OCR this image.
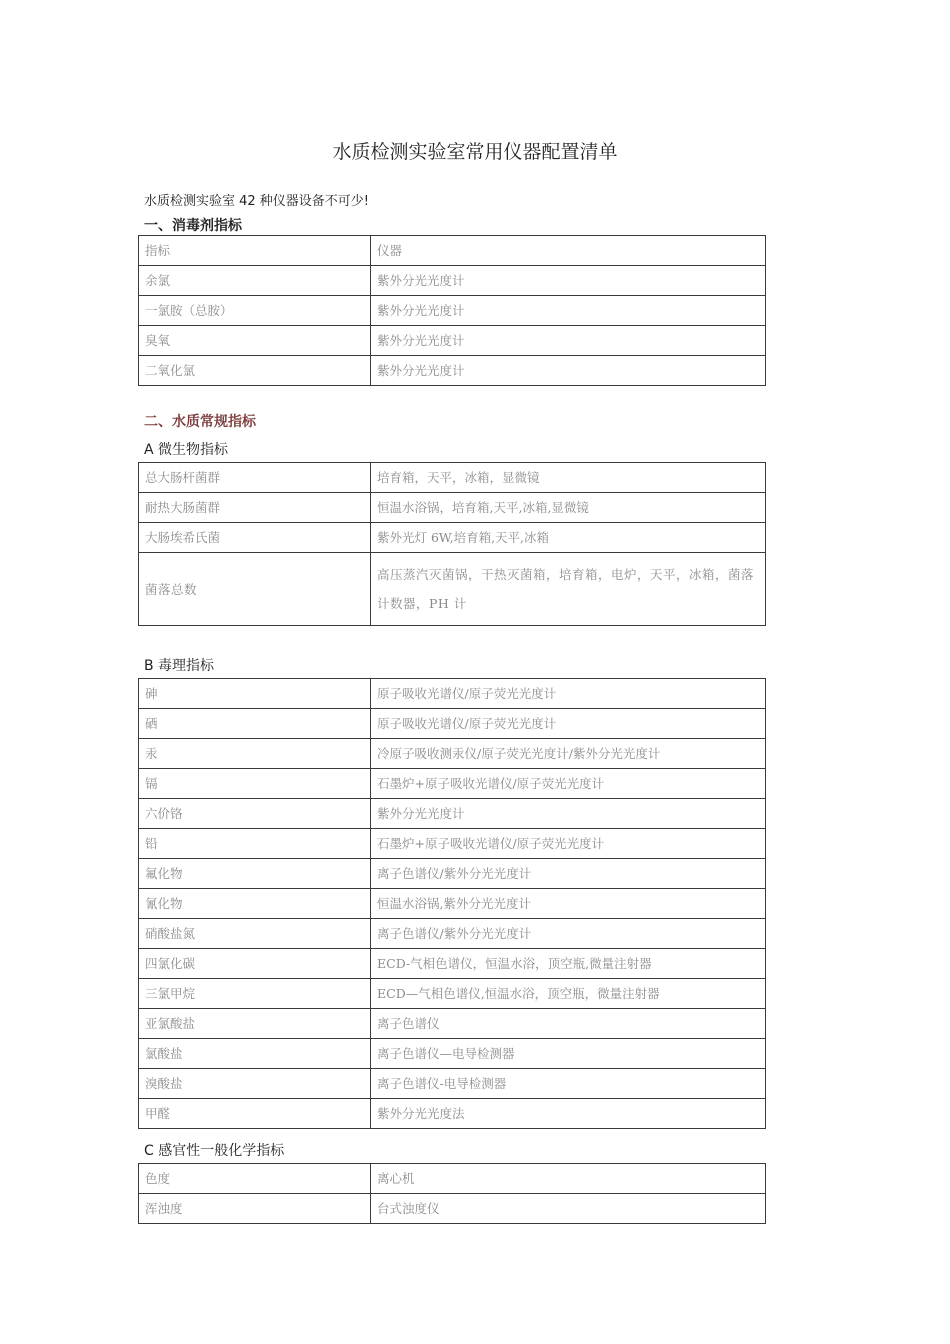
水质检测实验室常用仪器配置清单
水质检测实验室 42 种仪器设备不可少!
一、消毒剂指标
指标	仪器
余氯	紫外分光光度计
一氯胺（总胺）	紫外分光光度计
臭氧	紫外分光光度计
二氧化氯	紫外分光光度计
二、水质常规指标
A 微生物指标
总大肠杆菌群	培育箱，天平，冰箱，显微镜
耐热大肠菌群	恒温水浴锅，培育箱,天平,冰箱,显微镜
大肠埃希氏菌	紫外光灯 6W,培育箱,天平,冰箱
菌落总数	高压蒸汽灭菌锅，干热灭菌箱，培育箱，电炉，天平，冰箱，菌落计数器，PH 计
B 毒理指标
砷	原子吸收光谱仪/原子荧光光度计
硒	原子吸收光谱仪/原子荧光光度计
汞	冷原子吸收测汞仪/原子荧光光度计/紫外分光光度计
镉	石墨炉+原子吸收光谱仪/原子荧光光度计
六价铬	紫外分光光度计
铅	石墨炉+原子吸收光谱仪/原子荧光光度计
氟化物	离子色谱仪/紫外分光光度计
氰化物	恒温水浴锅,紫外分光光度计
硝酸盐氮	离子色谱仪/紫外分光光度计
四氯化碳	ECD-气相色谱仪，恒温水浴，顶空瓶,微量注射器
三氯甲烷	ECD—气相色谱仪,恒温水浴，顶空瓶，微量注射器
亚氯酸盐	离子色谱仪
氯酸盐	离子色谱仪—电导检测器
溴酸盐	离子色谱仪-电导检测器
甲醛	紫外分光光度法
C 感官性一般化学指标
色度	离心机
浑浊度	台式浊度仪
